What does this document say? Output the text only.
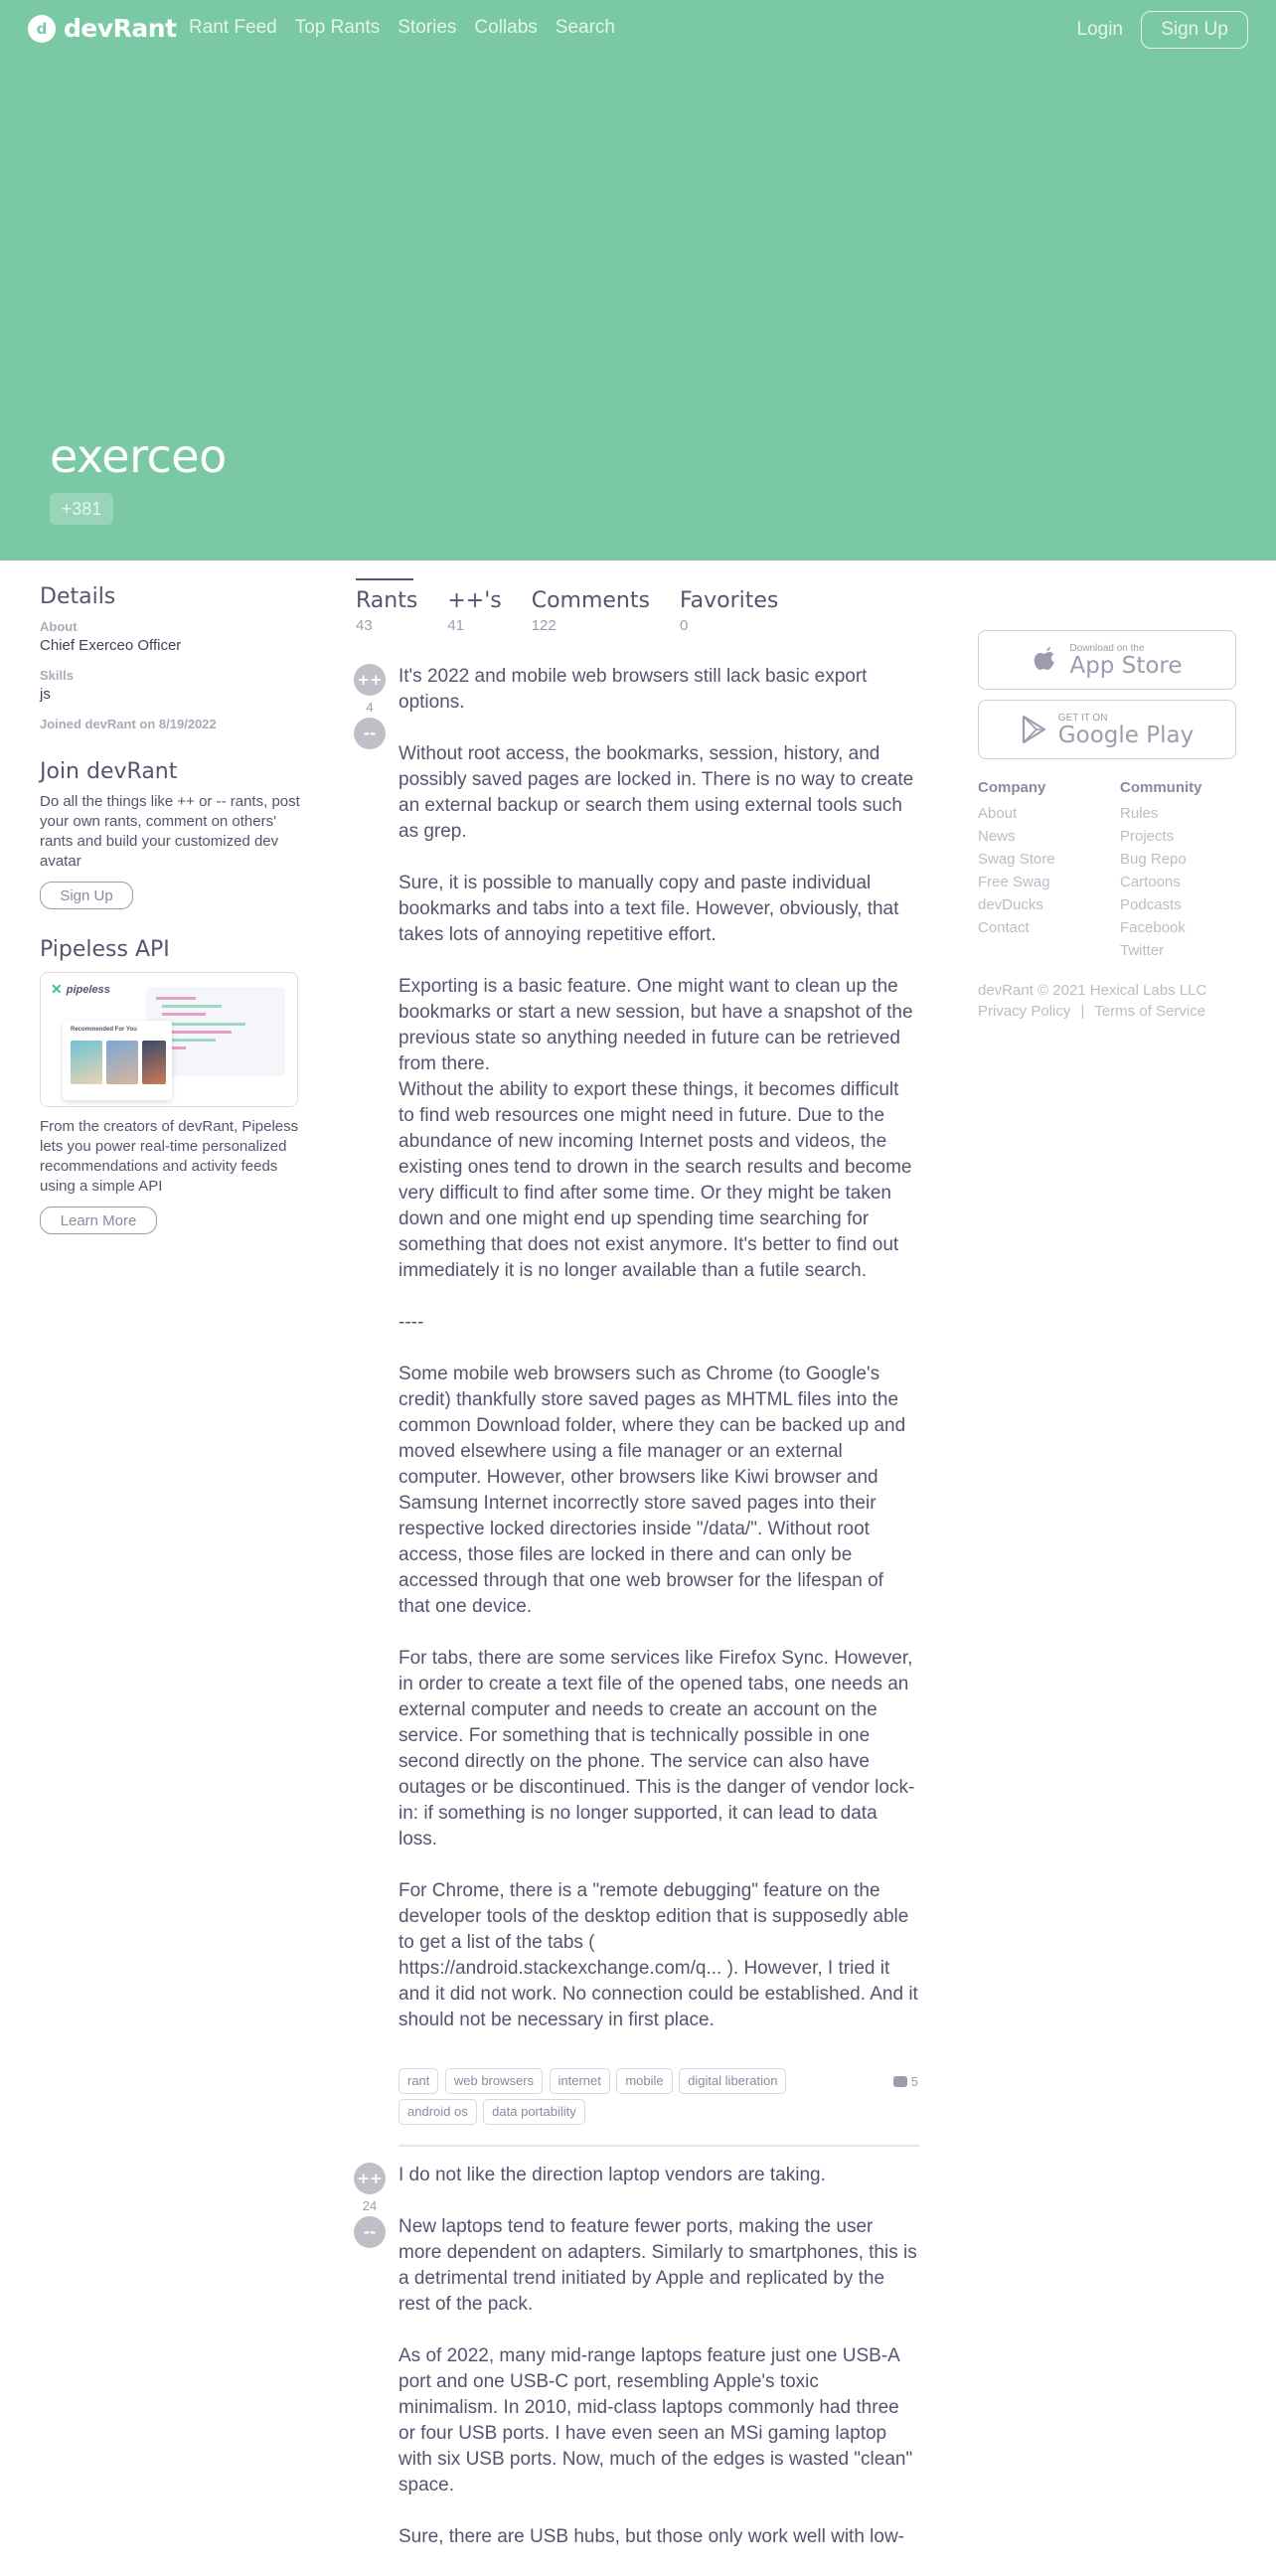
d devRant Rant Feed Top Rants Stories Collabs Search	Login	Sign Up
exerceo
+381
Details
About
Chief Exerceo Officer
Skills
js
Joined devRant on 8/19/2022
Join devRant
Do all the things like ++ or -- rants, post your own rants, comment on others' rants and build your customized dev avatar
Sign Up
Pipeless API
✕ pipeless
Recommended For You
From the creators of devRant, Pipeless lets you power real-time personalized recommendations and activity feeds using a simple API
Learn More
Rants
43
++'s
41
Comments
122
Favorites
0
++
4
--

It's 2022 and mobile web browsers still lack basic export options.

Without root access, the bookmarks, session, history, and possibly saved pages are locked in. There is no way to create an external backup or search them using external tools such as grep.

Sure, it is possible to manually copy and paste individual bookmarks and tabs into a text file. However, obviously, that takes lots of annoying repetitive effort.

Exporting is a basic feature. One might want to clean up the bookmarks or start a new session, but have a snapshot of the previous state so anything needed in future can be retrieved from there.

Without the ability to export these things, it becomes difficult to find web resources one might need in future. Due to the abundance of new incoming Internet posts and videos, the existing ones tend to drown in the search results and become very difficult to find after some time. Or they might be taken down and one might end up spending time searching for something that does not exist anymore. It's better to find out immediately it is no longer available than a futile search.

----

Some mobile web browsers such as Chrome (to Google's credit) thankfully store saved pages as MHTML files into the common Download folder, where they can be backed up and moved elsewhere using a file manager or an external computer. However, other browsers like Kiwi browser and Samsung Internet incorrectly store saved pages into their respective locked directories inside "/data/". Without root access, those files are locked in there and can only be accessed through that one web browser for the lifespan of that one device.

For tabs, there are some services like Firefox Sync. However, in order to create a text file of the opened tabs, one needs an external computer and needs to create an account on the service. For something that is technically possible in one second directly on the phone. The service can also have outages or be discontinued. This is the danger of vendor lock-in: if something is no longer supported, it can lead to data loss.

For Chrome, there is a "remote debugging" feature on the developer tools of the desktop edition that is supposedly able to get a list of the tabs ( https://android.stackexchange.com/q... ). However, I tried it and it did not work. No connection could be established. And it should not be necessary in first place.

rant web browsers internet mobile digital liberation android os data portability
5
++
24
--

I do not like the direction laptop vendors are taking.

New laptops tend to feature fewer ports, making the user more dependent on adapters. Similarly to smartphones, this is a detrimental trend initiated by Apple and replicated by the rest of the pack.

As of 2022, many mid-range laptops feature just one USB-A port and one USB-C port, resembling Apple's toxic minimalism. In 2010, mid-class laptops commonly had three or four USB ports. I have even seen an MSi gaming laptop with six USB ports. Now, much of the edges is wasted "clean" space.

Sure, there are USB hubs, but those only work well with low-

Download on the
App Store
GET IT ON
Google Play
Company
About
News
Swag Store
Free Swag
devDucks
Contact
Community
Rules
Projects
Bug Repo
Cartoons
Podcasts
Facebook
Twitter
devRant © 2021 Hexical Labs LLC
Privacy Policy | Terms of Service
